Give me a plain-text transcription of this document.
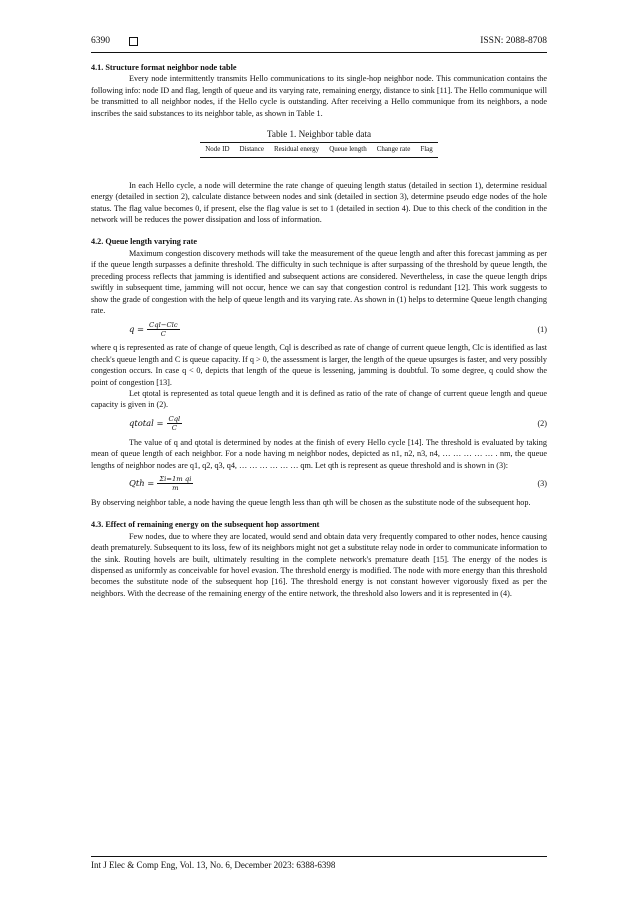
6390	ISSN: 2088-8708

4.1. Structure format neighbor node table

Every node intermittently transmits Hello communications to its single-hop neighbor node. This communication contains the following info: node ID and flag, length of queue and its varying rate, remaining energy, distance to sink [11]. The Hello communique will be transmitted to all neighbor nodes, if the Hello cycle is outstanding. After receiving a Hello communique from its neighbors, a node inscribes the said substances to its neighbor table, as shown in Table 1.

Table 1. Neighbor table data
Node ID	Distance	Residual energy	Queue length	Change rate	Flag

In each Hello cycle, a node will determine the rate change of queuing length status (detailed in section 1), determine residual energy (detailed in section 2), calculate distance between nodes and sink (detailed in section 3), determine pseudo edge nodes of the hole status. The flag value becomes 0, if present, else the flag value is set to 1 (detailed in section 4). Due to this check of the condition in the network will be reduces the power dissipation and loss of information.

4.2. Queue length varying rate

Maximum congestion discovery methods will take the measurement of the queue length and after this forecast jamming as per if the queue length surpasses a definite threshold. The difficulty in such technique is after surpassing of the threshold by queue length, the preceding process reflects that jamming is identified and subsequent actions are considered. Nevertheless, in case the queue length drips swiftly in subsequent time, jamming will not occur, hence we can say that congestion control is redundant [12]. This work suggests to show the grade of congestion with the help of queue length and its varying rate. As shown in (1) helps to determine Queue length changing rate.

$q = \frac{\text{Cql−Clc}}{C}$	(1)

where q is represented as rate of change of queue length, Cql is described as rate of change of current queue length, Clc is identified as last check's queue length and C is queue capacity. If q > 0, the assessment is larger, the length of the queue upsurges is faster, and very possibly congestion occurs. In case q < 0, depicts that length of the queue is lessening, jamming is doubtful. To some degree, q could show the point of congestion [13].

Let qtotal is represented as total queue length and it is defined as ratio of the rate of change of current queue length and queue capacity is given in (2).

qtotal = $\frac{\text{Cql}}{C}$	(2)

The value of q and qtotal is determined by nodes at the finish of every Hello cycle [14]. The threshold is evaluated by taking mean of queue length of each neighbor. For a node having m neighbor nodes, depicted as n1, n2, n3, n4, … … … … … . nm, the queue lengths of neighbor nodes are q1, q2, q3, q4, … … … … … … qm. Let qth is represent as queue threshold and is shown in (3):

Qth = $\frac{\text{Σi=1m qi}}{m}$	(3)

By observing neighbor table, a node having the queue length less than qth will be chosen as the substitute node of the subsequent hop.

4.3. Effect of remaining energy on the subsequent hop assortment

Few nodes, due to where they are located, would send and obtain data very frequently compared to other nodes, hence causing death prematurely. Subsequent to its loss, few of its neighbors might not get a substitute relay node in order to communicate information to the sink. Routing hovels are built, ultimately resulting in the complete network's premature death [15]. The energy of the nodes is dispensed as uniformly as conceivable for hovel evasion. The threshold energy is modified. The node with more energy than this threshold becomes the substitute node of the subsequent hop [16]. The threshold energy is not constant however vigorously fixed as per the neighbors. With the decrease of the remaining energy of the entire network, the threshold also lowers and it is represented in (4).

Int J Elec & Comp Eng, Vol. 13, No. 6, December 2023: 6388-6398
